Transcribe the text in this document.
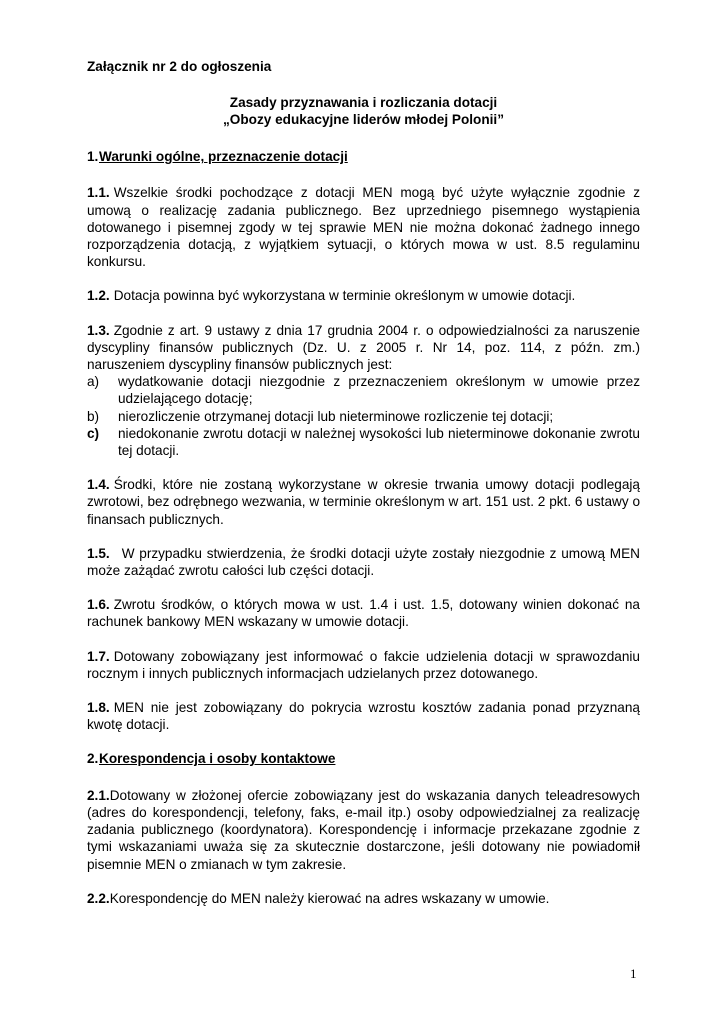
Załącznik nr 2 do ogłoszenia
Zasady przyznawania i rozliczania dotacji
„Obozy edukacyjne liderów młodej Polonii”
1. Warunki ogólne, przeznaczenie dotacji
1.1. Wszelkie środki pochodzące z dotacji MEN mogą być użyte wyłącznie zgodnie z umową o realizację zadania publicznego. Bez uprzedniego pisemnego wystąpienia dotowanego i pisemnej zgody w tej sprawie MEN nie można dokonać żadnego innego rozporządzenia dotacją, z wyjątkiem sytuacji, o których mowa w ust. 8.5 regulaminu konkursu.
1.2. Dotacja powinna być wykorzystana w terminie określonym w umowie dotacji.
1.3. Zgodnie z art. 9 ustawy z dnia 17 grudnia 2004 r. o odpowiedzialności za naruszenie dyscypliny finansów publicznych (Dz. U. z 2005 r. Nr 14, poz. 114, z późn. zm.) naruszeniem dyscypliny finansów publicznych jest:
a)	wydatkowanie dotacji niezgodnie z przeznaczeniem określonym w umowie przez udzielającego dotację;
b)	nierozliczenie otrzymanej dotacji lub nieterminowe rozliczenie tej dotacji;
c)	niedokonanie zwrotu dotacji w należnej wysokości lub nieterminowe dokonanie zwrotu tej dotacji.
1.4. Środki, które nie zostaną wykorzystane w okresie trwania umowy dotacji podlegają zwrotowi, bez odrębnego wezwania, w terminie określonym w art. 151 ust. 2 pkt. 6 ustawy o finansach publicznych.
1.5. W przypadku stwierdzenia, że środki dotacji użyte zostały niezgodnie z umową MEN może zażądać zwrotu całości lub części dotacji.
1.6. Zwrotu środków, o których mowa w ust. 1.4 i ust. 1.5, dotowany winien dokonać na rachunek bankowy MEN wskazany w umowie dotacji.
1.7. Dotowany zobowiązany jest informować o fakcie udzielenia dotacji w sprawozdaniu rocznym i innych publicznych informacjach udzielanych przez dotowanego.
1.8. MEN nie jest zobowiązany do pokrycia wzrostu kosztów zadania ponad przyznaną kwotę dotacji.
2. Korespondencja i osoby kontaktowe
2.1.Dotowany w złożonej ofercie zobowiązany jest do wskazania danych teleadresowych (adres do korespondencji, telefony, faks, e-mail itp.) osoby odpowiedzialnej za realizację zadania publicznego (koordynatora). Korespondencję i informacje przekazane zgodnie z tymi wskazaniami uważa się za skutecznie dostarczone, jeśli dotowany nie powiadomił pisemnie MEN o zmianach w tym zakresie.
2.2.Korespondencję do MEN należy kierować na adres wskazany w umowie.
1
